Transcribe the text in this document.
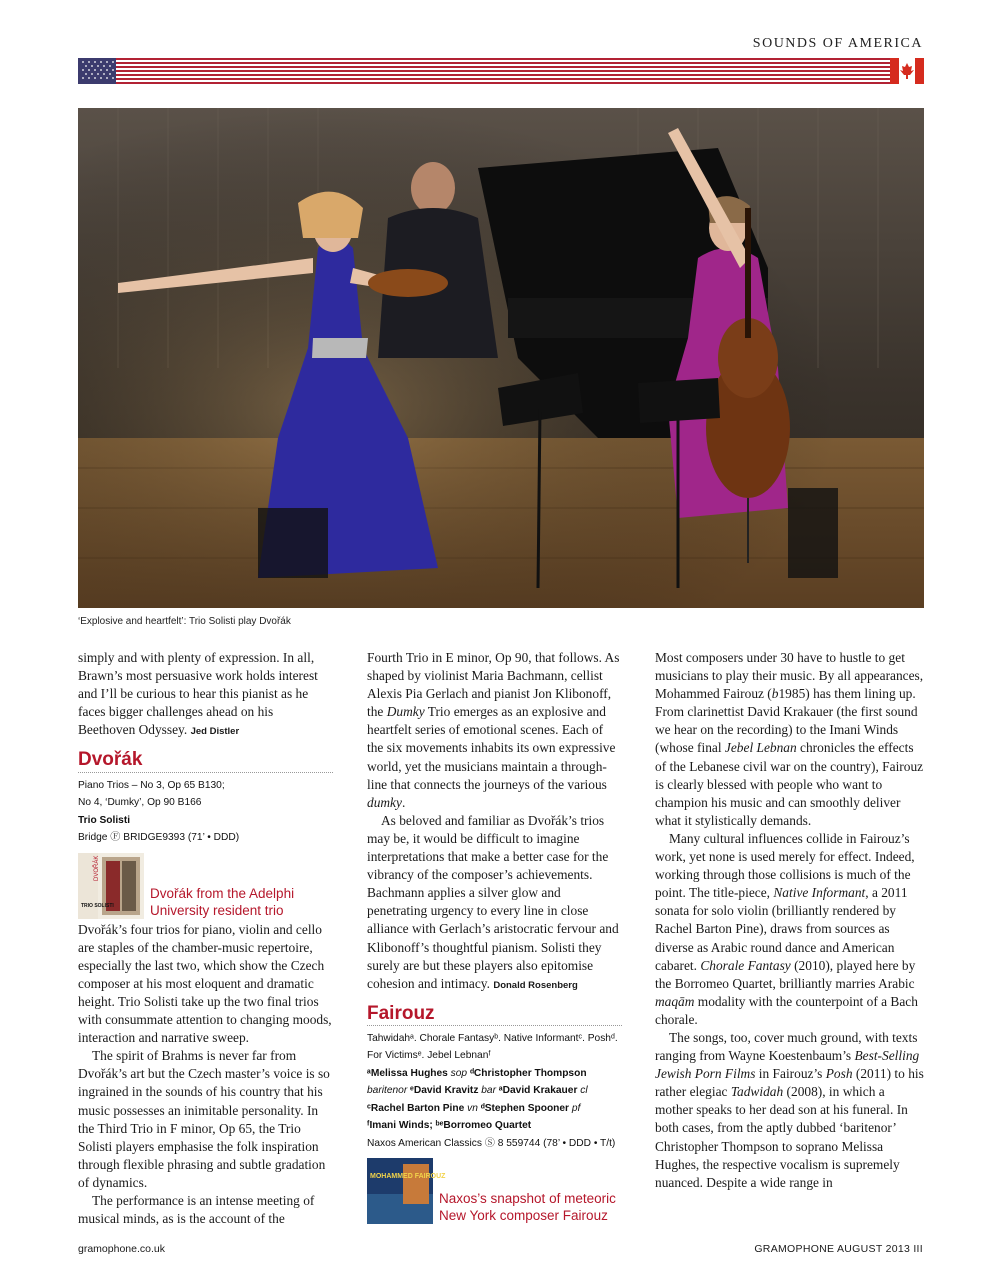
SOUNDS OF AMERICA
‘Explosive and heartfelt’: Trio Solisti play Dvořák

simply and with plenty of expression. In all, Brawn’s most persuasive work holds interest and I’ll be curious to hear this pianist as he faces bigger challenges ahead on his Beethoven Odyssey. Jed Distler

Dvořák
Piano Trios – No 3, Op 65 B130;
No 4, ‘Dumky’, Op 90 B166
Trio Solisti
Bridge Ⓕ BRIDGE9393 (71’ • DDD)
DVOŘÁK
TRIO SOLISTI
Dvořák from the Adelphi University resident trio

Dvořák’s four trios for piano, violin and cello are staples of the chamber-music repertoire, especially the last two, which show the Czech composer at his most eloquent and dramatic height. Trio Solisti take up the two final trios with consummate attention to changing moods, interaction and narrative sweep.

The spirit of Brahms is never far from Dvořák’s art but the Czech master’s voice is so ingrained in the sounds of his country that his music possesses an inimitable personality. In the Third Trio in F minor, Op 65, the Trio Solisti players emphasise the folk inspiration through flexible phrasing and subtle gradation of dynamics.

The performance is an intense meeting of musical minds, as is the account of the

Fourth Trio in E minor, Op 90, that follows. As shaped by violinist Maria Bachmann, cellist Alexis Pia Gerlach and pianist Jon Klibonoff, the Dumky Trio emerges as an explosive and heartfelt series of emotional scenes. Each of the six movements inhabits its own expressive world, yet the musicians maintain a through-line that connects the journeys of the various dumky.

As beloved and familiar as Dvořák’s trios may be, it would be difficult to imagine interpretations that make a better case for the vibrancy of the composer’s achievements. Bachmann applies a silver glow and penetrating urgency to every line in close alliance with Gerlach’s aristocratic fervour and Klibonoff’s thoughtful pianism. Solisti they surely are but these players also epitomise cohesion and intimacy. Donald Rosenberg

Fairouz
Tahwidahᵃ. Chorale Fantasyᵇ. Native Informantᶜ. Poshᵈ. For Victimsᵉ. Jebel Lebnanᶠ
ᵃMelissa Hughes sop ᵈChristopher Thompson
baritenor ᵉDavid Kravitz bar ᵃDavid Krakauer cl
ᶜRachel Barton Pine vn ᵈStephen Spooner pf
ᶠImani Winds; ᵇᵉBorromeo Quartet
Naxos American Classics Ⓢ 8 559744 (78’ • DDD • T/t)
MOHAMMED FAIROUZ
Naxos’s snapshot of meteoric New York composer Fairouz

Most composers under 30 have to hustle to get musicians to play their music. By all appearances, Mohammed Fairouz (b1985) has them lining up. From clarinettist David Krakauer (the first sound we hear on the recording) to the Imani Winds (whose final Jebel Lebnan chronicles the effects of the Lebanese civil war on the country), Fairouz is clearly blessed with people who want to champion his music and can smoothly deliver what it stylistically demands.

Many cultural influences collide in Fairouz’s work, yet none is used merely for effect. Indeed, working through those collisions is much of the point. The title-piece, Native Informant, a 2011 sonata for solo violin (brilliantly rendered by Rachel Barton Pine), draws from sources as diverse as Arabic round dance and American cabaret. Chorale Fantasy (2010), played here by the Borromeo Quartet, brilliantly marries Arabic maqām modality with the counterpoint of a Bach chorale.

The songs, too, cover much ground, with texts ranging from Wayne Koestenbaum’s Best-Selling Jewish Porn Films in Fairouz’s Posh (2011) to his rather elegiac Tadwidah (2008), in which a mother speaks to her dead son at his funeral. In both cases, from the aptly dubbed ‘baritenor’ Christopher Thompson to soprano Melissa Hughes, the respective vocalism is supremely nuanced. Despite a wide range in

gramophone.co.uk	GRAMOPHONE AUGUST 2013 III
